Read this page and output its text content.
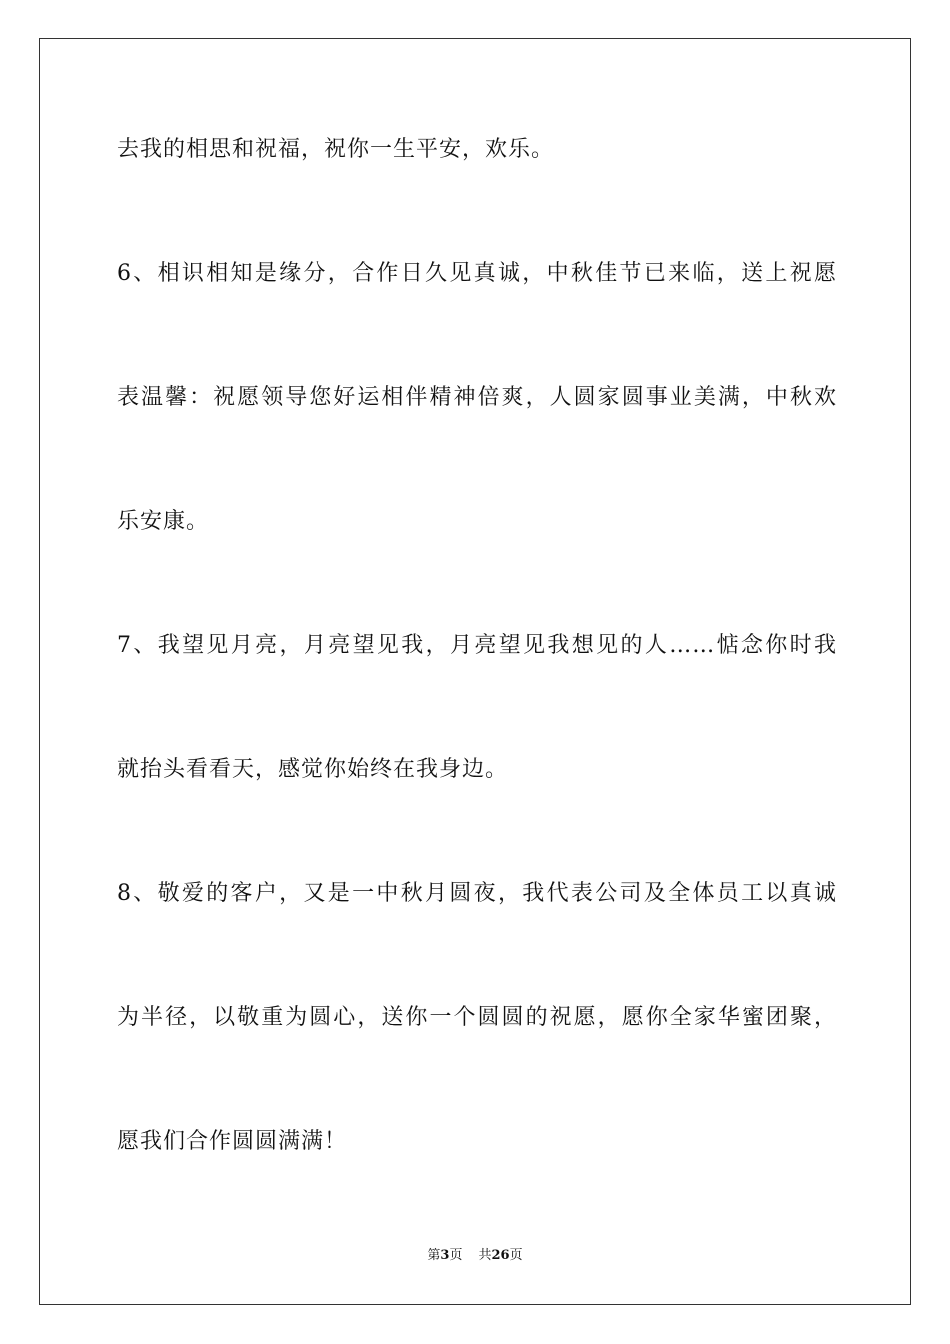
去我的相思和祝福，祝你一生平安，欢乐。
6、相识相知是缘分，合作日久见真诚，中秋佳节已来临，送上祝愿
表温馨：祝愿领导您好运相伴精神倍爽，人圆家圆事业美满，中秋欢
乐安康。
7、我望见月亮，月亮望见我，月亮望见我想见的人……惦念你时我
就抬头看看天，感觉你始终在我身边。
8、敬爱的客户，又是一中秋月圆夜，我代表公司及全体员工以真诚
为半径，以敬重为圆心，送你一个圆圆的祝愿，愿你全家华蜜团聚，
愿我们合作圆圆满满！
第3页 共26页
